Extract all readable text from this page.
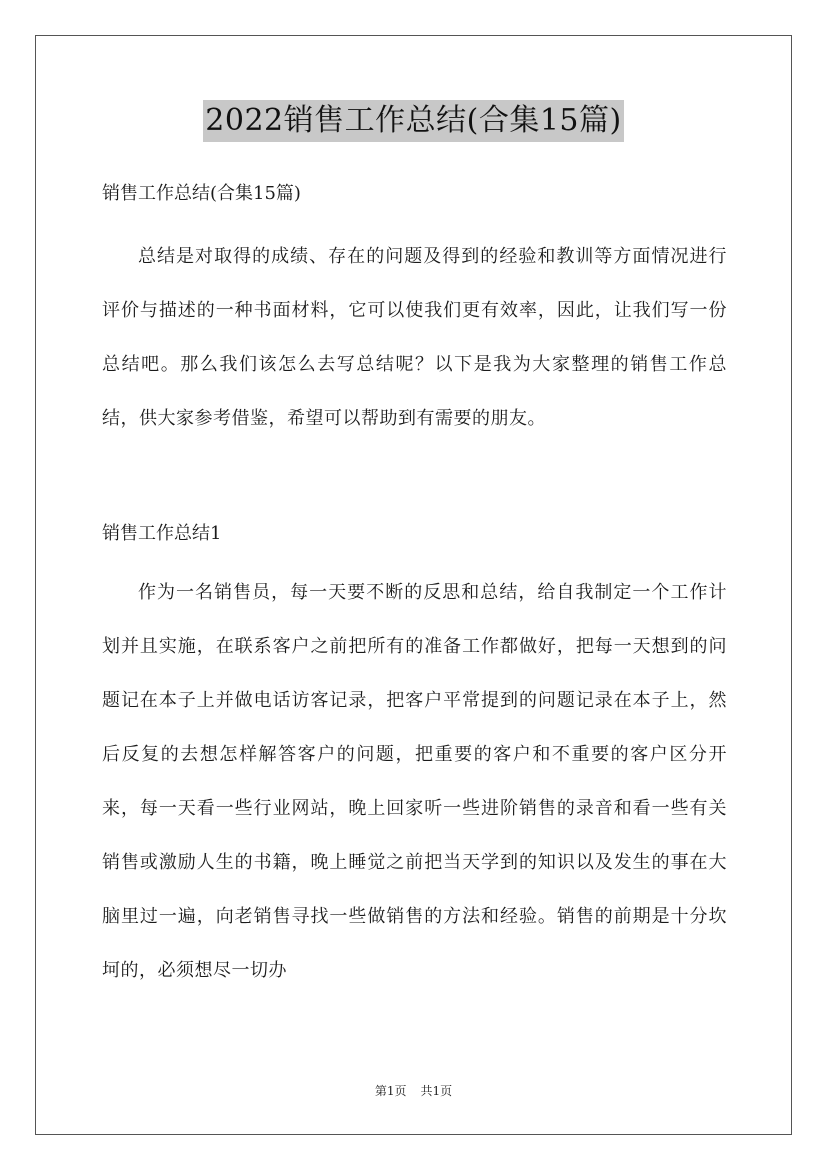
2022销售工作总结(合集15篇)

销售工作总结(合集15篇)

总结是对取得的成绩、存在的问题及得到的经验和教训等方面情况进行评价与描述的一种书面材料，它可以使我们更有效率，因此，让我们写一份总结吧。那么我们该怎么去写总结呢？以下是我为大家整理的销售工作总结，供大家参考借鉴，希望可以帮助到有需要的朋友。

销售工作总结1

作为一名销售员，每一天要不断的反思和总结，给自我制定一个工作计划并且实施，在联系客户之前把所有的准备工作都做好，把每一天想到的问题记在本子上并做电话访客记录，把客户平常提到的问题记录在本子上，然后反复的去想怎样解答客户的问题，把重要的客户和不重要的客户区分开来，每一天看一些行业网站，晚上回家听一些进阶销售的录音和看一些有关销售或激励人生的书籍，晚上睡觉之前把当天学到的知识以及发生的事在大脑里过一遍，向老销售寻找一些做销售的方法和经验。销售的前期是十分坎坷的，必须想尽一切办

第1页 共1页
